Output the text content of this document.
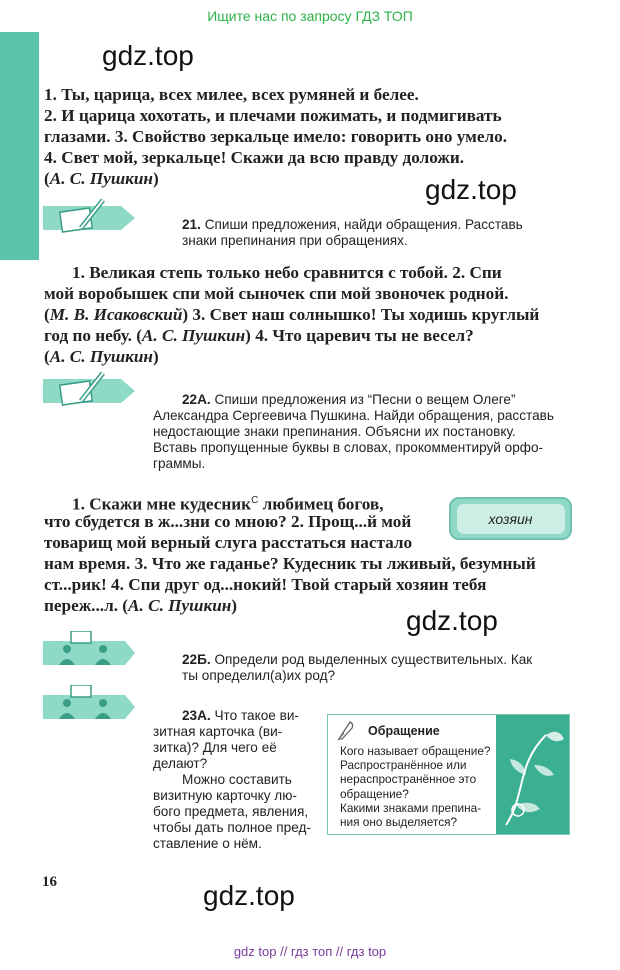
Ищите нас по запросу ГДЗ ТОП
gdz.top
gdz.top
gdz.top
gdz.top
1. Ты, царица, всех милее, всех румяней и белее.
2. И царица хохотать, и плечами пожимать, и подмигивать
глазами. 3. Свойство зеркальце имело: говорить оно умело.
4. Свет мой, зеркальце! Скажи да всю правду доложи.
(А. С. Пушкин)
21. Спиши предложения, найди обращения. Расставь
знаки препинания при обращениях.
1. Великая степь только небо сравнится с тобой. 2. Спи
мой воробышек спи мой сыночек спи мой звоночек родной.
(М. В. Исаковский) 3. Свет наш солнышко! Ты ходишь круглый
год по небу. (А. С. Пушкин) 4. Что царевич ты не весел?
(А. С. Пушкин)
22А. Спиши предложения из “Песни о вещем Олеге”
Александра Сергеевича Пушкина. Найди обращения, расставь
недостающие знаки препинания. Объясни их постановку.
Вставь пропущенные буквы в словах, прокомментируй орфо-
граммы.
1. Скажи мне кудесник$^С$ любимец богов,
что сбудется в ж...зни со мною? 2. Прощ...й мой
товарищ мой верный слуга расстаться настало
нам время. 3. Что же гаданье? Кудесник ты лживый, безумный
ст...рик! 4. Спи друг од...нокий! Твой старый хозяин тебя
переж...л. (А. С. Пушкин)
хозяин
22Б. Определи род выделенных существительных. Как
ты определил(а)их род?
23А. Что такое ви-
зитная карточка (ви-
зитка)? Для чего её
делают?
Можно составить
визитную карточку лю-
бого предмета, явления,
чтобы дать полное пред-
ставление о нём.
Обращение
Кого называет обращение?
Распространённое или
нераспространённое это
обращение?
Какими знаками препина-
ния оно выделяется?
16
gdz top // гдз топ // гдз top
